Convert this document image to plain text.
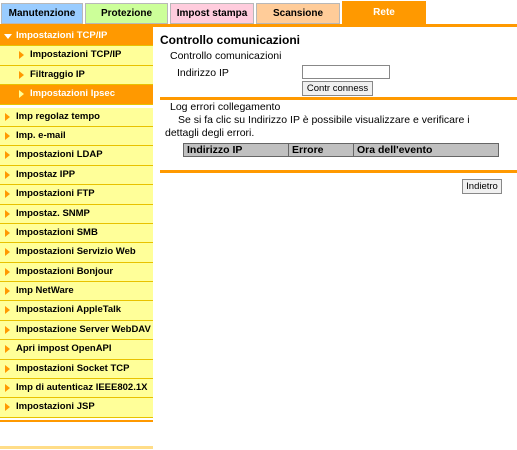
Manutenzione	Protezione	Impost stampa	Scansione	Rete
Impostazioni TCP/IP
Impostazioni TCP/IP
Filtraggio IP
Impostazioni Ipsec
Imp regolaz tempo
Imp. e-mail
Impostazioni LDAP
Impostaz IPP
Impostazioni FTP
Impostaz. SNMP
Impostazioni SMB
Impostazioni Servizio Web
Impostazioni Bonjour
Imp NetWare
Impostazioni AppleTalk
Impostazione Server WebDAV
Apri impost OpenAPI
Impostazioni Socket TCP
Imp di autenticaz IEEE802.1X
Impostazioni JSP
Controllo comunicazioni
Controllo comunicazioni
Indirizzo IP
Contr conness
Log errori collegamento
Se si fa clic su Indirizzo IP è possibile visualizzare e verificare i dettagli degli errori.
Indirizzo IP	Errore	Ora dell'evento
Indietro
